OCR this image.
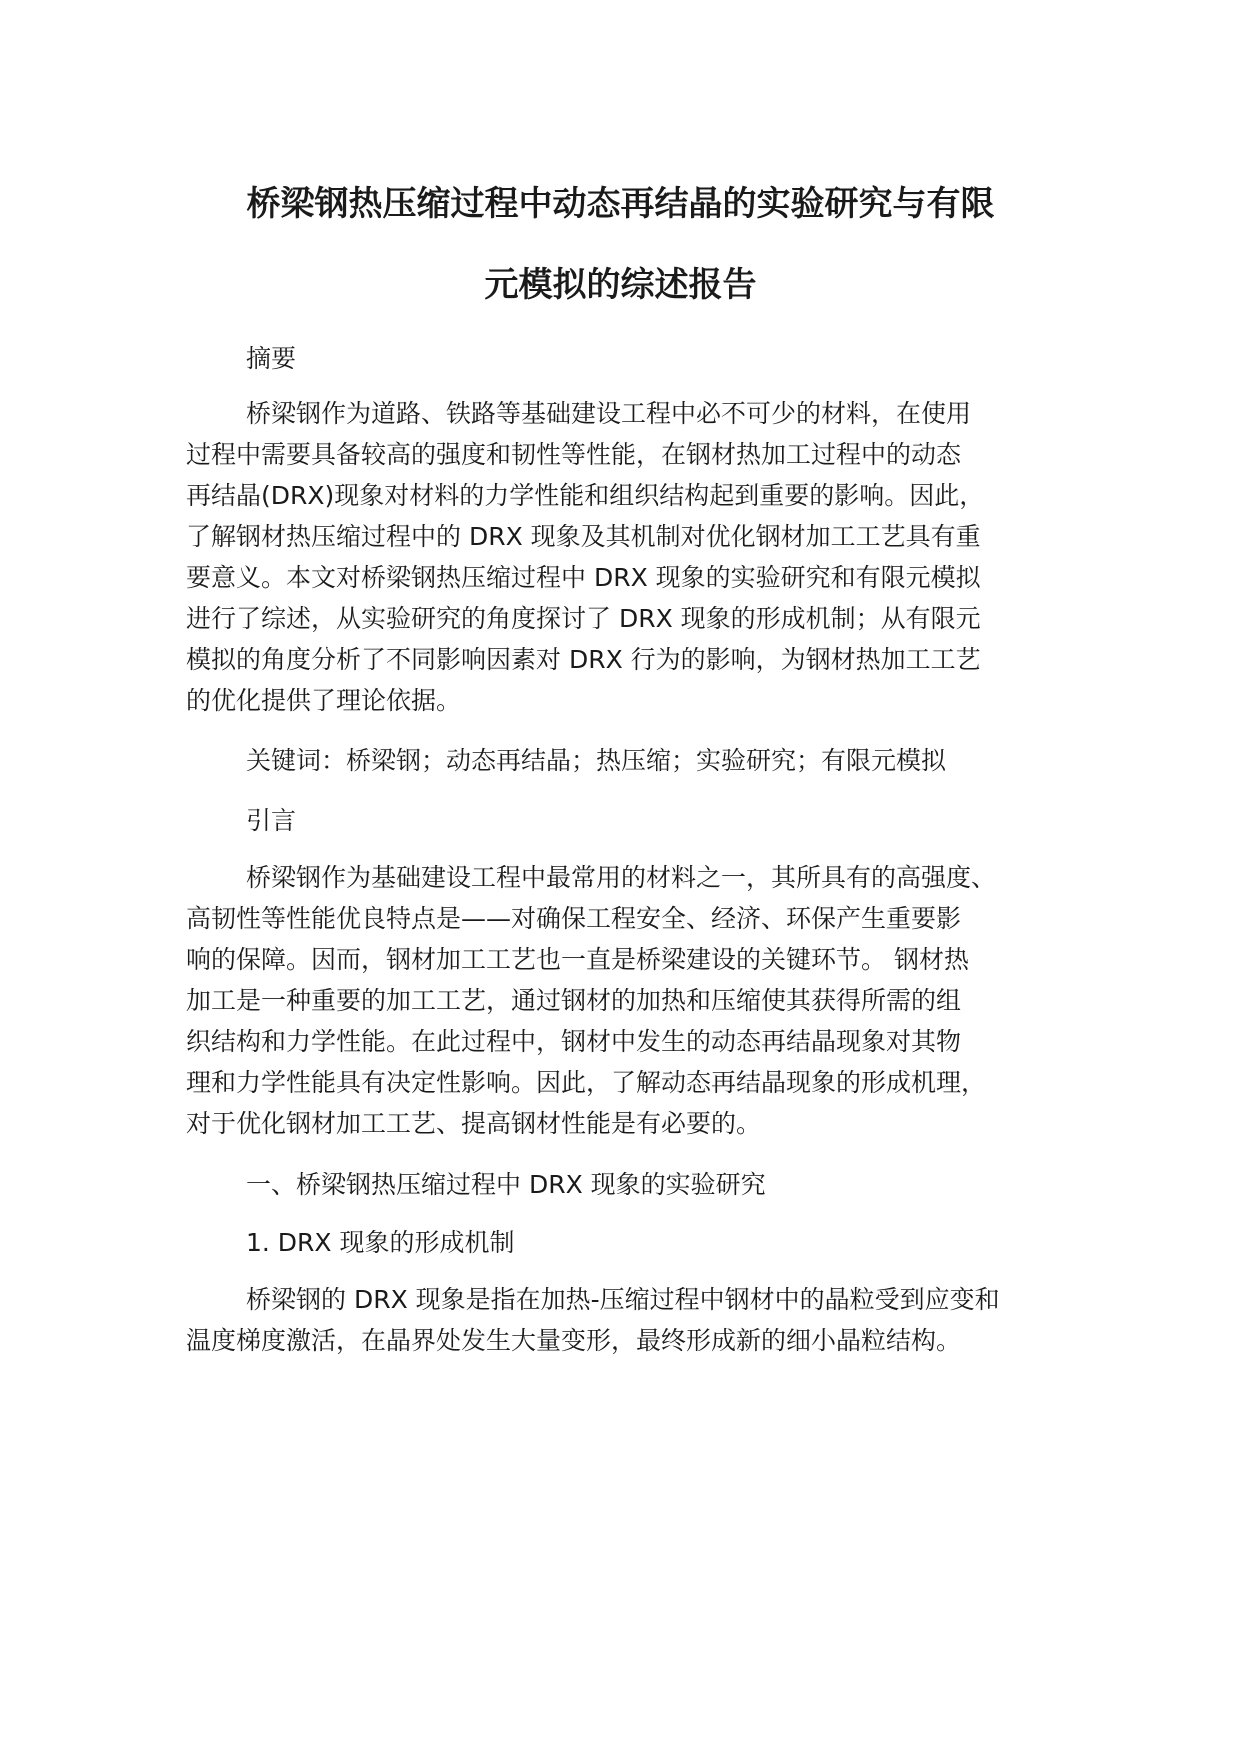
桥梁钢热压缩过程中动态再结晶的实验研究与有限
元模拟的综述报告

摘要

桥梁钢作为道路、铁路等基础建设工程中必不可少的材料，在使用
过程中需要具备较高的强度和韧性等性能，在钢材热加工过程中的动态
再结晶(DRX)现象对材料的力学性能和组织结构起到重要的影响。因此，
了解钢材热压缩过程中的 DRX 现象及其机制对优化钢材加工工艺具有重
要意义。本文对桥梁钢热压缩过程中 DRX 现象的实验研究和有限元模拟
进行了综述，从实验研究的角度探讨了 DRX 现象的形成机制；从有限元
模拟的角度分析了不同影响因素对 DRX 行为的影响，为钢材热加工工艺
的优化提供了理论依据。

关键词：桥梁钢；动态再结晶；热压缩；实验研究；有限元模拟

引言

桥梁钢作为基础建设工程中最常用的材料之一，其所具有的高强度、
高韧性等性能优良特点是——对确保工程安全、经济、环保产生重要影
响的保障。因而，钢材加工工艺也一直是桥梁建设的关键环节。 钢材热
加工是一种重要的加工工艺，通过钢材的加热和压缩使其获得所需的组
织结构和力学性能。在此过程中，钢材中发生的动态再结晶现象对其物
理和力学性能具有决定性影响。因此，了解动态再结晶现象的形成机理，
对于优化钢材加工工艺、提高钢材性能是有必要的。

一、桥梁钢热压缩过程中 DRX 现象的实验研究

1. DRX 现象的形成机制

桥梁钢的 DRX 现象是指在加热-压缩过程中钢材中的晶粒受到应变和
温度梯度激活，在晶界处发生大量变形，最终形成新的细小晶粒结构。
